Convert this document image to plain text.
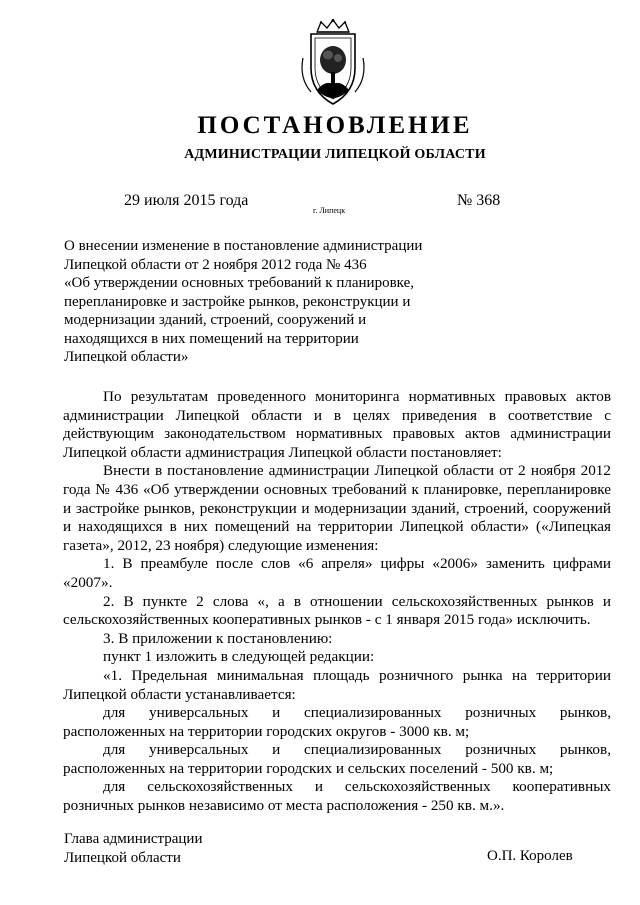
ПОСТАНОВЛЕНИЕ
АДМИНИСТРАЦИИ ЛИПЕЦКОЙ ОБЛАСТИ
29 июля 2015 года
г. Липецк
№ 368
О внесении изменение в постановление администрации
Липецкой области от 2 ноября 2012 года № 436
«Об утверждении основных требований к планировке,
перепланировке и застройке рынков, реконструкции и
модернизации зданий, строений, сооружений и
находящихся в них помещений на территории
Липецкой области»

По результатам проведенного мониторинга нормативных правовых актов администрации Липецкой области и в целях приведения в соответствие с действующим законодательством нормативных правовых актов администрации Липецкой области администрация Липецкой области постановляет:

Внести в постановление администрации Липецкой области от 2 ноября 2012 года № 436 «Об утверждении основных требований к планировке, перепланировке и застройке рынков, реконструкции и модернизации зданий, строений, сооружений и находящихся в них помещений на территории Липецкой области» («Липецкая газета», 2012, 23 ноября) следующие изменения:

1. В преамбуле после слов «6 апреля» цифры «2006» заменить цифрами «2007».

2. В пункте 2 слова «, а в отношении сельскохозяйственных рынков и сельскохозяйственных кооперативных рынков - с 1 января 2015 года» исключить.

3. В приложении к постановлению:

пункт 1 изложить в следующей редакции:

«1. Предельная минимальная площадь розничного рынка на территории Липецкой области устанавливается:

для универсальных и специализированных розничных рынков, расположенных на территории городских округов - 3000 кв. м;

для универсальных и специализированных розничных рынков, расположенных на территории городских и сельских поселений - 500 кв. м;

для сельскохозяйственных и сельскохозяйственных кооперативных розничных рынков независимо от места расположения - 250 кв. м.».

Глава администрации
Липецкой области	О.П. Королев
